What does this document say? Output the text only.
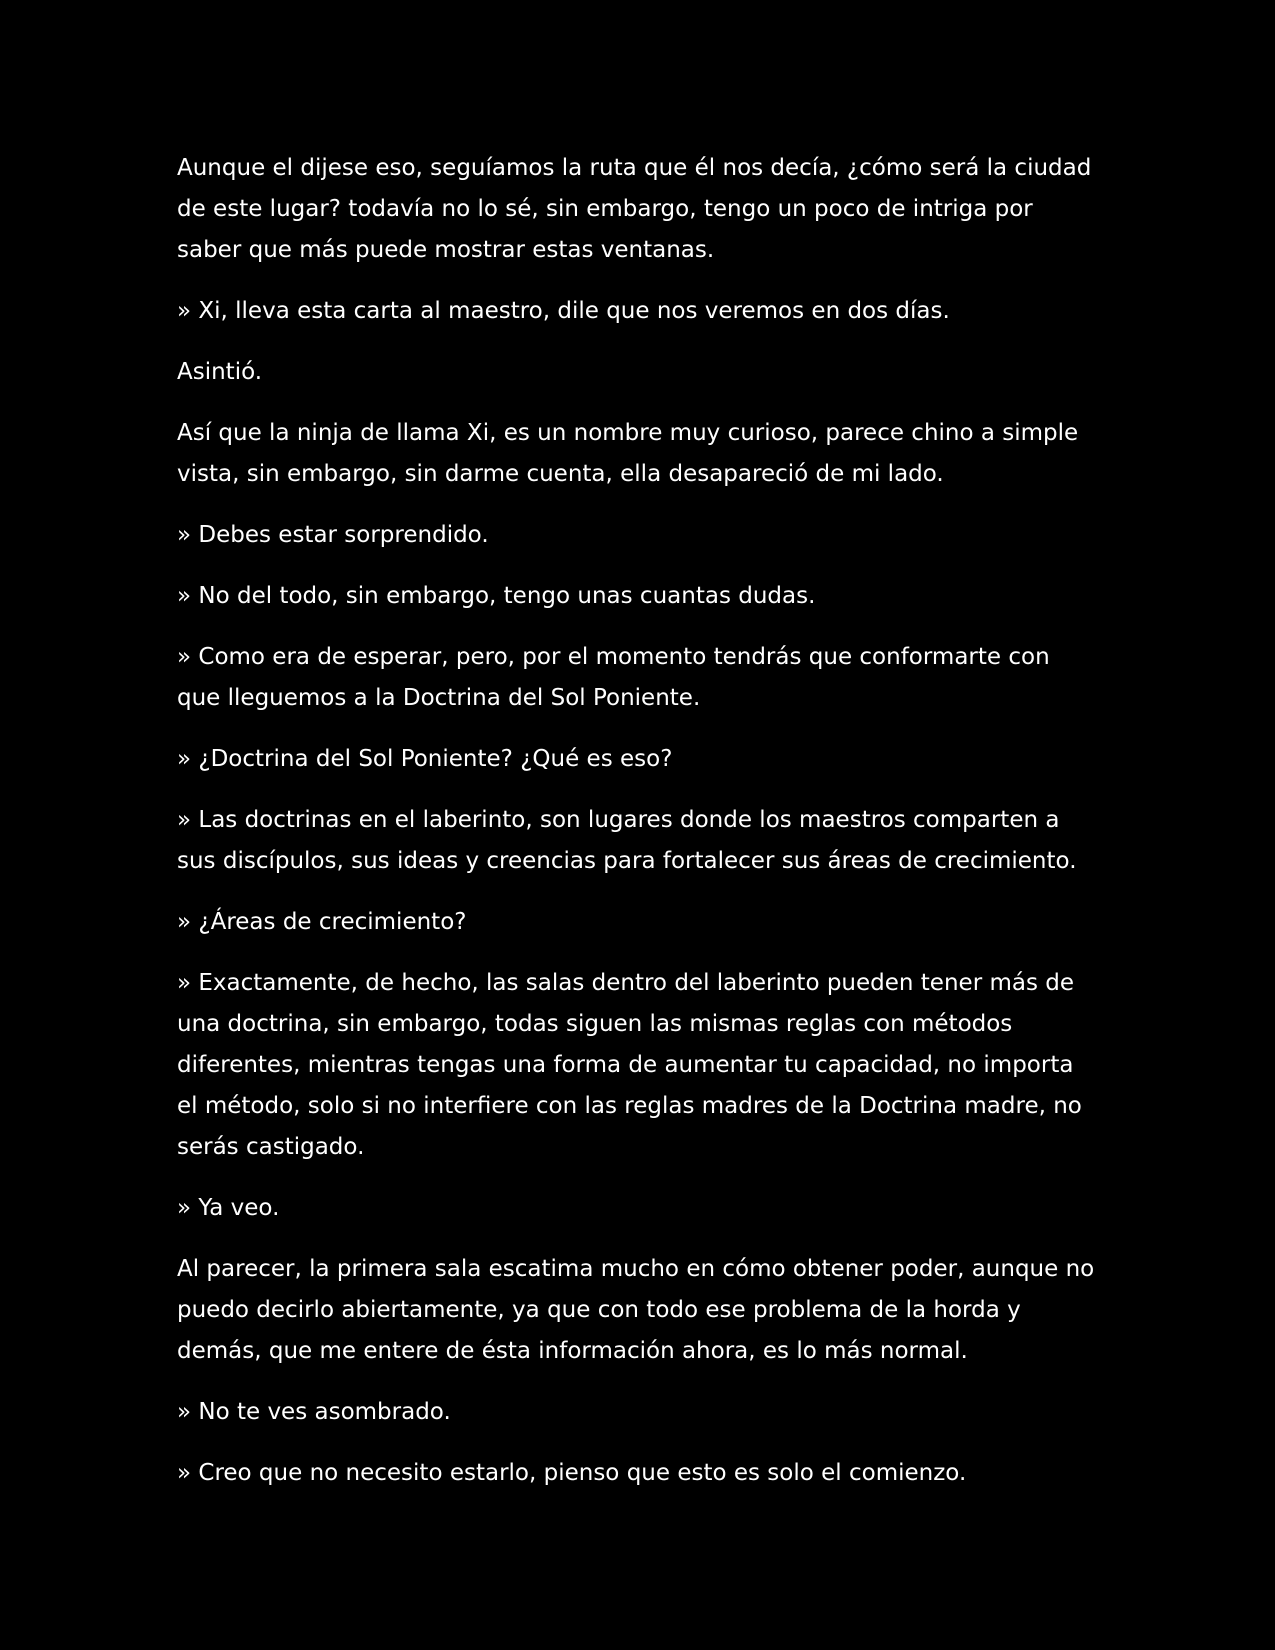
Aunque el dijese eso, seguíamos la ruta que él nos decía, ¿cómo será la ciudad de este lugar? todavía no lo sé, sin embargo, tengo un poco de intriga por saber que más puede mostrar estas ventanas.

» Xi, lleva esta carta al maestro, dile que nos veremos en dos días.

Asintió.

Así que la ninja de llama Xi, es un nombre muy curioso, parece chino a simple vista, sin embargo, sin darme cuenta, ella desapareció de mi lado.

» Debes estar sorprendido.

» No del todo, sin embargo, tengo unas cuantas dudas.

» Como era de esperar, pero, por el momento tendrás que conformarte con que lleguemos a la Doctrina del Sol Poniente.

» ¿Doctrina del Sol Poniente? ¿Qué es eso?

» Las doctrinas en el laberinto, son lugares donde los maestros comparten a sus discípulos, sus ideas y creencias para fortalecer sus áreas de crecimiento.

» ¿Áreas de crecimiento?

» Exactamente, de hecho, las salas dentro del laberinto pueden tener más de una doctrina, sin embargo, todas siguen las mismas reglas con métodos diferentes, mientras tengas una forma de aumentar tu capacidad, no importa el método, solo si no interfiere con las reglas madres de la Doctrina madre, no serás castigado.

» Ya veo.

Al parecer, la primera sala escatima mucho en cómo obtener poder, aunque no puedo decirlo abiertamente, ya que con todo ese problema de la horda y demás, que me entere de ésta información ahora, es lo más normal.

» No te ves asombrado.

» Creo que no necesito estarlo, pienso que esto es solo el comienzo.
